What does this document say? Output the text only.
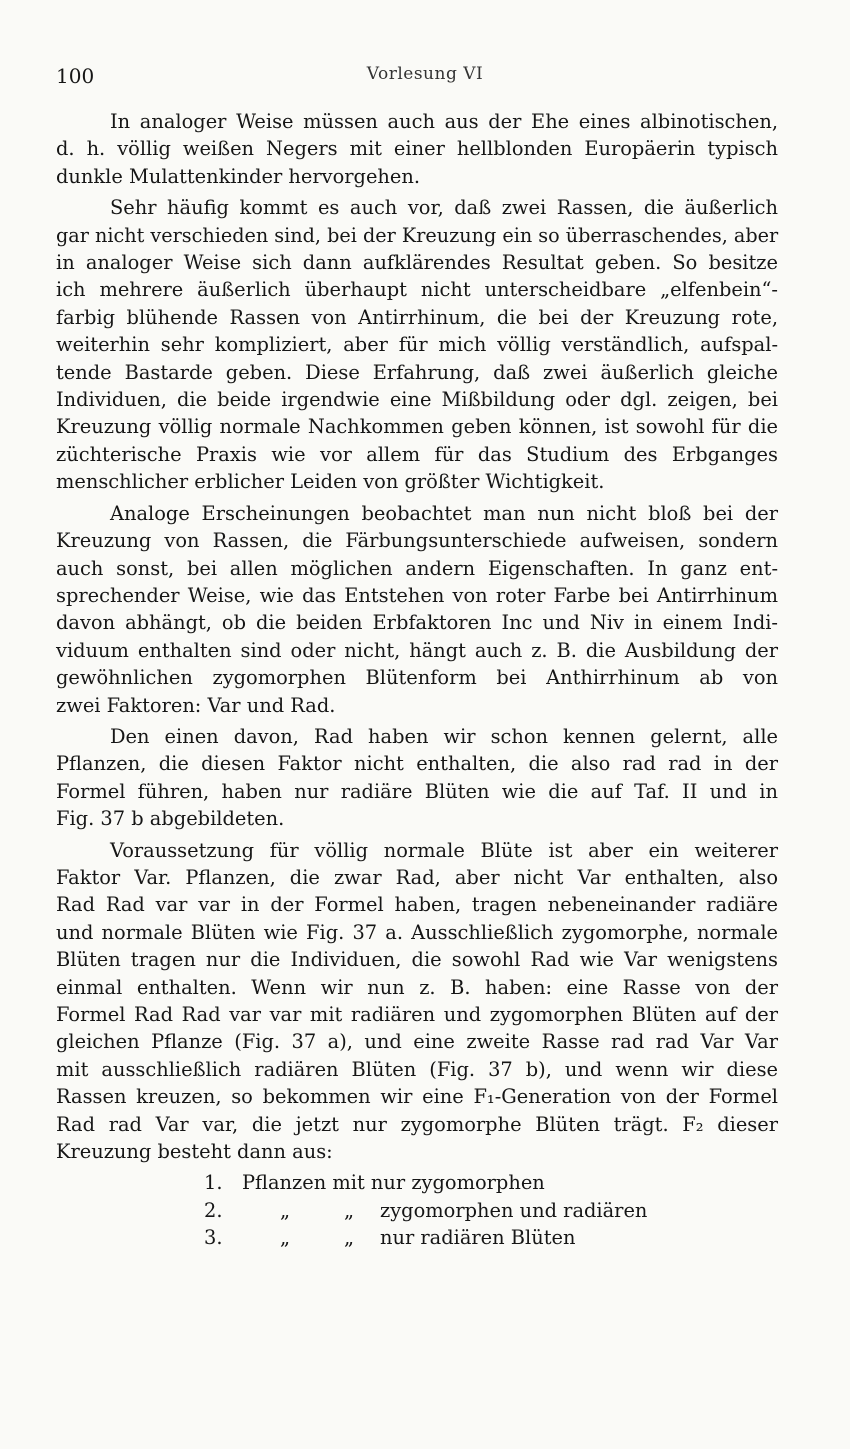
100	Vorlesung VI
In analoger Weise müssen auch aus der Ehe eines albinotischen,
d. h. völlig weißen Negers mit einer hellblonden Europäerin typisch
dunkle Mulattenkinder hervorgehen.
Sehr häufig kommt es auch vor, daß zwei Rassen, die äußerlich
gar nicht verschieden sind, bei der Kreuzung ein so überraschendes, aber
in analoger Weise sich dann aufklärendes Resultat geben. So besitze
ich mehrere äußerlich überhaupt nicht unterscheidbare „elfenbein“-
farbig blühende Rassen von Antirrhinum, die bei der Kreuzung rote,
weiterhin sehr kompliziert, aber für mich völlig verständlich, aufspal-
tende Bastarde geben. Diese Erfahrung, daß zwei äußerlich gleiche
Individuen, die beide irgendwie eine Mißbildung oder dgl. zeigen, bei
Kreuzung völlig normale Nachkommen geben können, ist sowohl für die
züchterische Praxis wie vor allem für das Studium des Erbganges
menschlicher erblicher Leiden von größter Wichtigkeit.
Analoge Erscheinungen beobachtet man nun nicht bloß bei der
Kreuzung von Rassen, die Färbungsunterschiede aufweisen, sondern
auch sonst, bei allen möglichen andern Eigenschaften. In ganz ent-
sprechender Weise, wie das Entstehen von roter Farbe bei Antirrhinum
davon abhängt, ob die beiden Erbfaktoren Inc und Niv in einem Indi-
viduum enthalten sind oder nicht, hängt auch z. B. die Ausbildung der
gewöhnlichen zygomorphen Blütenform bei Anthirrhinum ab von
zwei Faktoren: Var und Rad.
Den einen davon, Rad haben wir schon kennen gelernt, alle
Pflanzen, die diesen Faktor nicht enthalten, die also rad rad in der
Formel führen, haben nur radiäre Blüten wie die auf Taf. II und in
Fig. 37 b abgebildeten.
Voraussetzung für völlig normale Blüte ist aber ein weiterer
Faktor Var. Pflanzen, die zwar Rad, aber nicht Var enthalten, also
Rad Rad var var in der Formel haben, tragen nebeneinander radiäre
und normale Blüten wie Fig. 37 a. Ausschließlich zygomorphe, normale
Blüten tragen nur die Individuen, die sowohl Rad wie Var wenigstens
einmal enthalten. Wenn wir nun z. B. haben: eine Rasse von der
Formel Rad Rad var var mit radiären und zygomorphen Blüten auf der
gleichen Pflanze (Fig. 37 a), und eine zweite Rasse rad rad Var Var
mit ausschließlich radiären Blüten (Fig. 37 b), und wenn wir diese
Rassen kreuzen, so bekommen wir eine F₁-Generation von der Formel
Rad rad Var var, die jetzt nur zygomorphe Blüten trägt. F₂ dieser
Kreuzung besteht dann aus:
1. Pflanzen mit nur zygomorphen
2.	„	„ zygomorphen und radiären
3.	„	„ nur radiären Blüten
